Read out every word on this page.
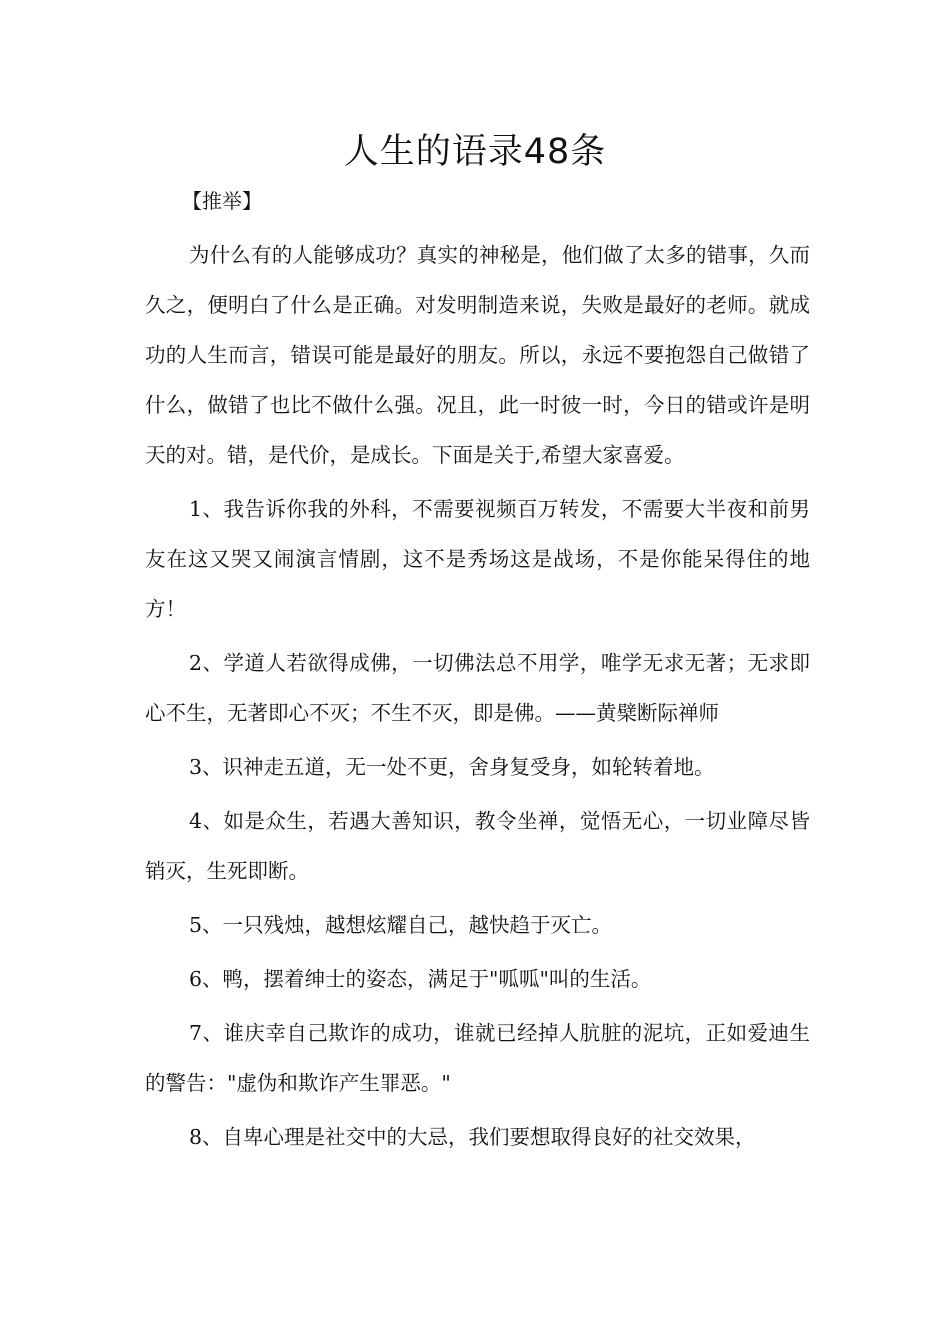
人生的语录48条

【推举】

为什么有的人能够成功？真实的神秘是，他们做了太多的错事，久而久之，便明白了什么是正确。对发明制造来说，失败是最好的老师。就成功的人生而言，错误可能是最好的朋友。所以，永远不要抱怨自己做错了什么，做错了也比不做什么强。况且，此一时彼一时，今日的错或许是明天的对。错，是代价，是成长。下面是关于,希望大家喜爱。

1、我告诉你我的外科，不需要视频百万转发，不需要大半夜和前男友在这又哭又闹演言情剧，这不是秀场这是战场，不是你能呆得住的地方！

2、学道人若欲得成佛，一切佛法总不用学，唯学无求无著；无求即心不生，无著即心不灭；不生不灭，即是佛。——黄檗断际禅师

3、识神走五道，无一处不更，舍身复受身，如轮转着地。

4、如是众生，若遇大善知识，教令坐禅，觉悟无心，一切业障尽皆销灭，生死即断。

5、一只残烛，越想炫耀自己，越快趋于灭亡。

6、鸭，摆着绅士的姿态，满足于"呱呱"叫的生活。

7、谁庆幸自己欺诈的成功，谁就已经掉人肮脏的泥坑，正如爱迪生的警告："虚伪和欺诈产生罪恶。"

8、自卑心理是社交中的大忌，我们要想取得良好的社交效果，
